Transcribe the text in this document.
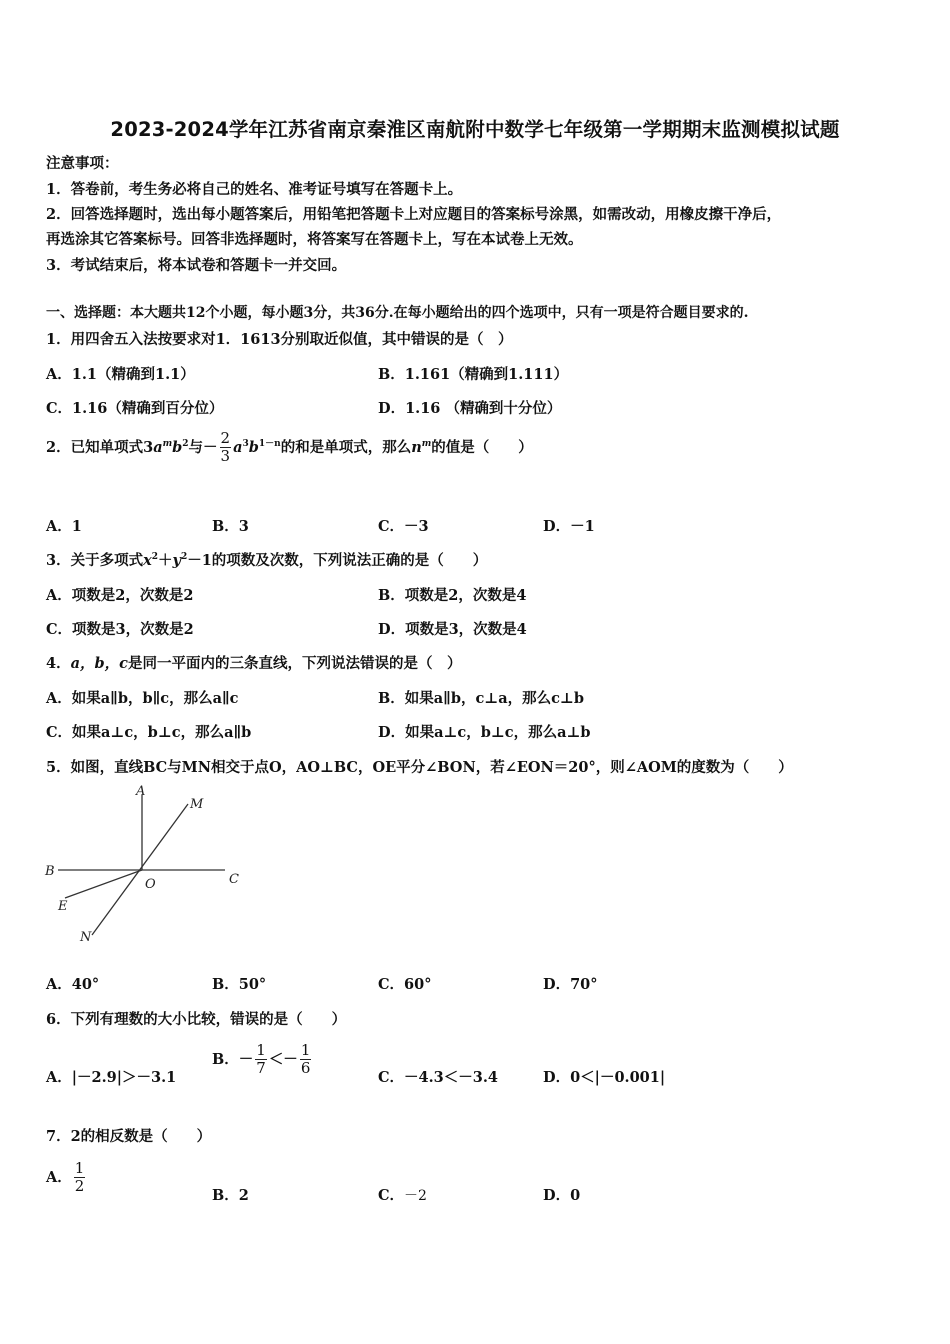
2023-2024学年江苏省南京秦淮区南航附中数学七年级第一学期期末监测模拟试题
注意事项：
1．答卷前，考生务必将自己的姓名、准考证号填写在答题卡上。
2．回答选择题时，选出每小题答案后，用铅笔把答题卡上对应题目的答案标号涂黑，如需改动，用橡皮擦干净后，
再选涂其它答案标号。回答非选择题时，将答案写在答题卡上，写在本试卷上无效。
3．考试结束后，将本试卷和答题卡一并交回。
一、选择题：本大题共12个小题，每小题3分，共36分.在每小题给出的四个选项中，只有一项是符合题目要求的.
1．用四舍五入法按要求对1．1613分别取近似值，其中错误的是（　）
A．1.1（精确到1.1）	B．1.161（精确到1.111）
C．1.16（精确到百分位）	D．1.16 （精确到十分位）
2．已知单项式$3a^mb^2$与－ $\frac{2}{3} a^3b^{1-n}$的和是单项式，那么$n^m$的值是（　　）
A．1	B．3	C．－3	D．－1
3．关于多项式$x^2+y^2-1$的项数及次数，下列说法正确的是（　　）
A．项数是2，次数是2	B．项数是2，次数是4
C．项数是3，次数是2	D．项数是3，次数是4
4．a，b，c是同一平面内的三条直线，下列说法错误的是（　）
A．如果a∥b，b∥c，那么a∥c	B．如果a∥b，c⊥a，那么c⊥b
C．如果a⊥c，b⊥c，那么a∥b	D．如果a⊥c，b⊥c，那么a⊥b
5．如图，直线BC与MN相交于点O，AO⊥BC，OE平分∠BON，若∠EON＝20°，则∠AOM的度数为（　　）
A
M
B
O	C
E
N
A．40°	B．50°	C．60°	D．70°
6．下列有理数的大小比较，错误的是（　　）
A．|－2.9|＞－3.1
B．－ $\frac{1}{7} <- \frac{1}{6}$	C．－4.3＜－3.4	D．0＜|－0.001|
7．2的相反数是（　　）
A． $\frac{1}{2}$	B．2	C．－2	D．0
